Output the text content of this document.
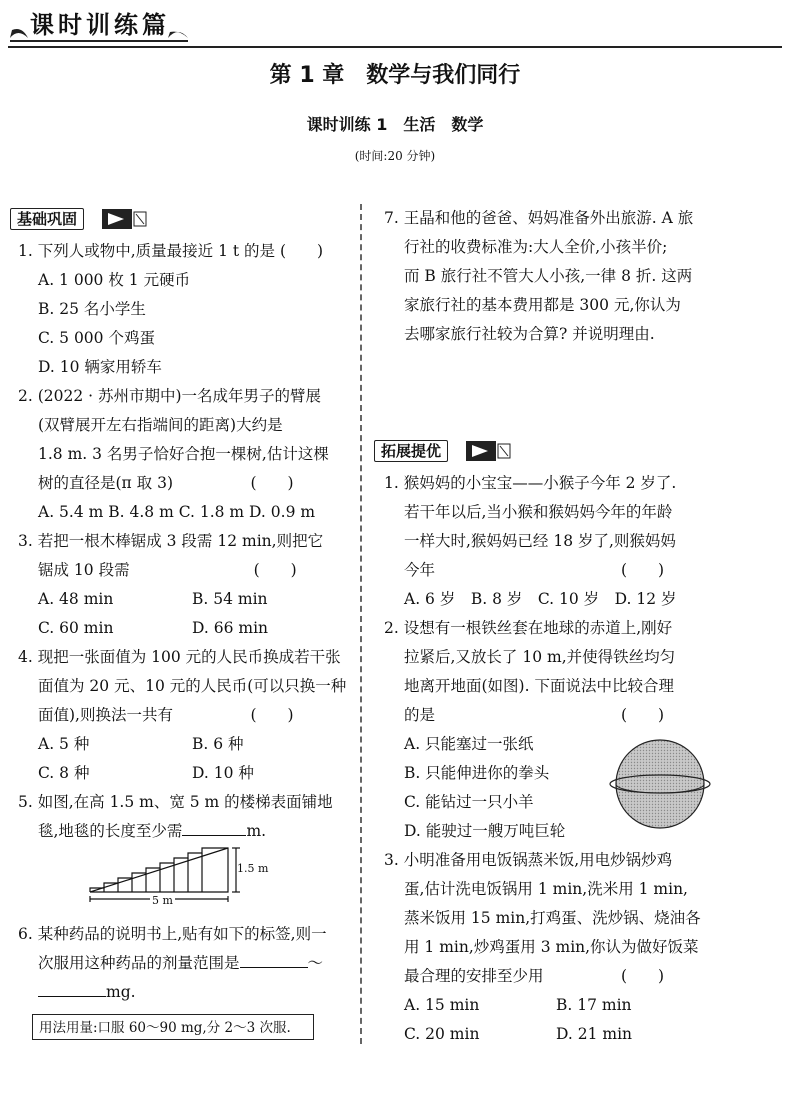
课时训练篇
第 1 章　数学与我们同行
课时训练 1　生活　数学
(时间:20 分钟)
基础巩固
1. 下列人或物中,质量最接近 1 t 的是 (　　)
A. 1 000 枚 1 元硬币
B. 25 名小学生
C. 5 000 个鸡蛋
D. 10 辆家用轿车
2. (2022 · 苏州市期中)一名成年男子的臂展
(双臂展开左右指端间的距离)大约是
1.8 m. 3 名男子恰好合抱一棵树,估计这棵
树的直径是(π 取 3)　　　　　(　　)
A. 5.4 m B. 4.8 m C. 1.8 m D. 0.9 m
3. 若把一根木棒锯成 3 段需 12 min,则把它
锯成 10 段需　　　　　　　　(　　)
A. 48 min	B. 54 min
C. 60 min	D. 66 min
4. 现把一张面值为 100 元的人民币换成若干张
面值为 20 元、10 元的人民币(可以只换一种
面值),则换法一共有　　　　　(　　)
A. 5 种	B. 6 种
C. 8 种	D. 10 种
5. 如图,在高 1.5 m、宽 5 m 的楼梯表面铺地
毯,地毯的长度至少需	m.
1.5 m
5 m
6. 某种药品的说明书上,贴有如下的标签,则一
次服用这种药品的剂量范围是	～
mg.
用法用量:口服 60～90 mg,分 2～3 次服.
7. 王晶和他的爸爸、妈妈准备外出旅游. A 旅
行社的收费标准为:大人全价,小孩半价;
而 B 旅行社不管大人小孩,一律 8 折. 这两
家旅行社的基本费用都是 300 元,你认为
去哪家旅行社较为合算? 并说明理由.
拓展提优
1. 猴妈妈的小宝宝——小猴子今年 2 岁了.
若干年以后,当小猴和猴妈妈今年的年龄
一样大时,猴妈妈已经 18 岁了,则猴妈妈
今年　　　　　　　　　　　　(　　)
A. 6 岁　B. 8 岁　C. 10 岁　D. 12 岁
2. 设想有一根铁丝套在地球的赤道上,刚好
拉紧后,又放长了 10 m,并使得铁丝均匀
地离开地面(如图). 下面说法中比较合理
的是　　　　　　　　　　　　(　　)
A. 只能塞过一张纸
B. 只能伸进你的拳头
C. 能钻过一只小羊
D. 能驶过一艘万吨巨轮
3. 小明准备用电饭锅蒸米饭,用电炒锅炒鸡
蛋,估计洗电饭锅用 1 min,洗米用 1 min,
蒸米饭用 15 min,打鸡蛋、洗炒锅、烧油各
用 1 min,炒鸡蛋用 3 min,你认为做好饭菜
最合理的安排至少用　　　　　(　　)
A. 15 min	B. 17 min
C. 20 min	D. 21 min
